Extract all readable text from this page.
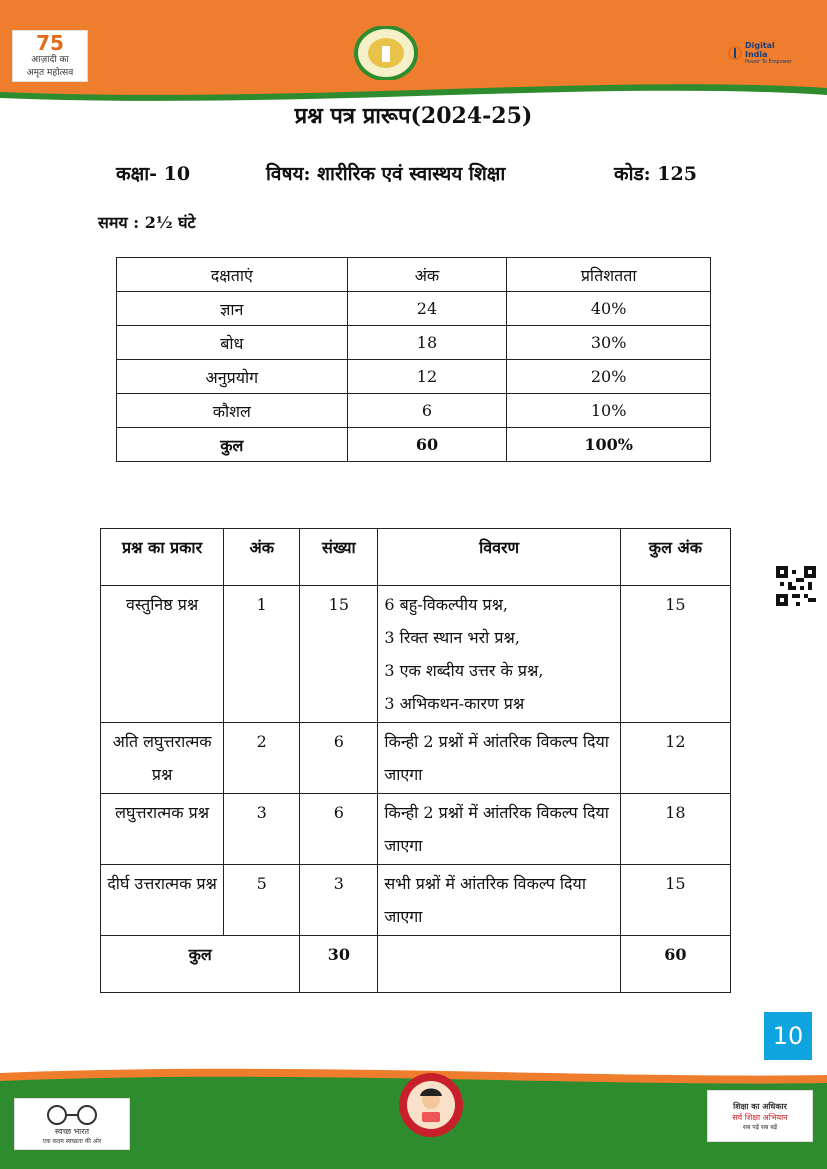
75
आज़ादी का
अमृत महोत्सव
Digital India
Power To Empower
प्रश्न पत्र प्रारूप(2024-25)
कक्षा- 10	विषय: शारीरिक एवं स्वास्थय शिक्षा	कोड: 125
समय : 2½ घंटे
दक्षताएं	अंक	प्रतिशतता
ज्ञान	24	40%
बोध	18	30%
अनुप्रयोग	12	20%
कौशल	6	10%
कुल	60	100%
प्रश्न का प्रकार	अंक	संख्या	विवरण	कुल अंक
वस्तुनिष्ठ प्रश्न	1	15	6 बहु-विकल्पीय प्रश्न,
3 रिक्त स्थान भरो प्रश्न,
3 एक शब्दीय उत्तर के प्रश्न,
3 अभिकथन-कारण प्रश्न	15
अति लघुत्तरात्मक प्रश्न	2	6	किन्ही 2 प्रश्नों में आंतरिक विकल्प दिया जाएगा	12
लघुत्तरात्मक प्रश्न	3	6	किन्ही 2 प्रश्नों में आंतरिक विकल्प दिया जाएगा	18
दीर्घ उत्तरात्मक प्रश्न	5	3	सभी प्रश्नों में आंतरिक विकल्प दिया जाएगा	15
कुल		30		60
10
स्वच्छ भारत
एक कदम स्वच्छता की ओर
शिक्षा का अधिकार
सर्व शिक्षा अभियान
सब पढ़ें सब बढ़ें
